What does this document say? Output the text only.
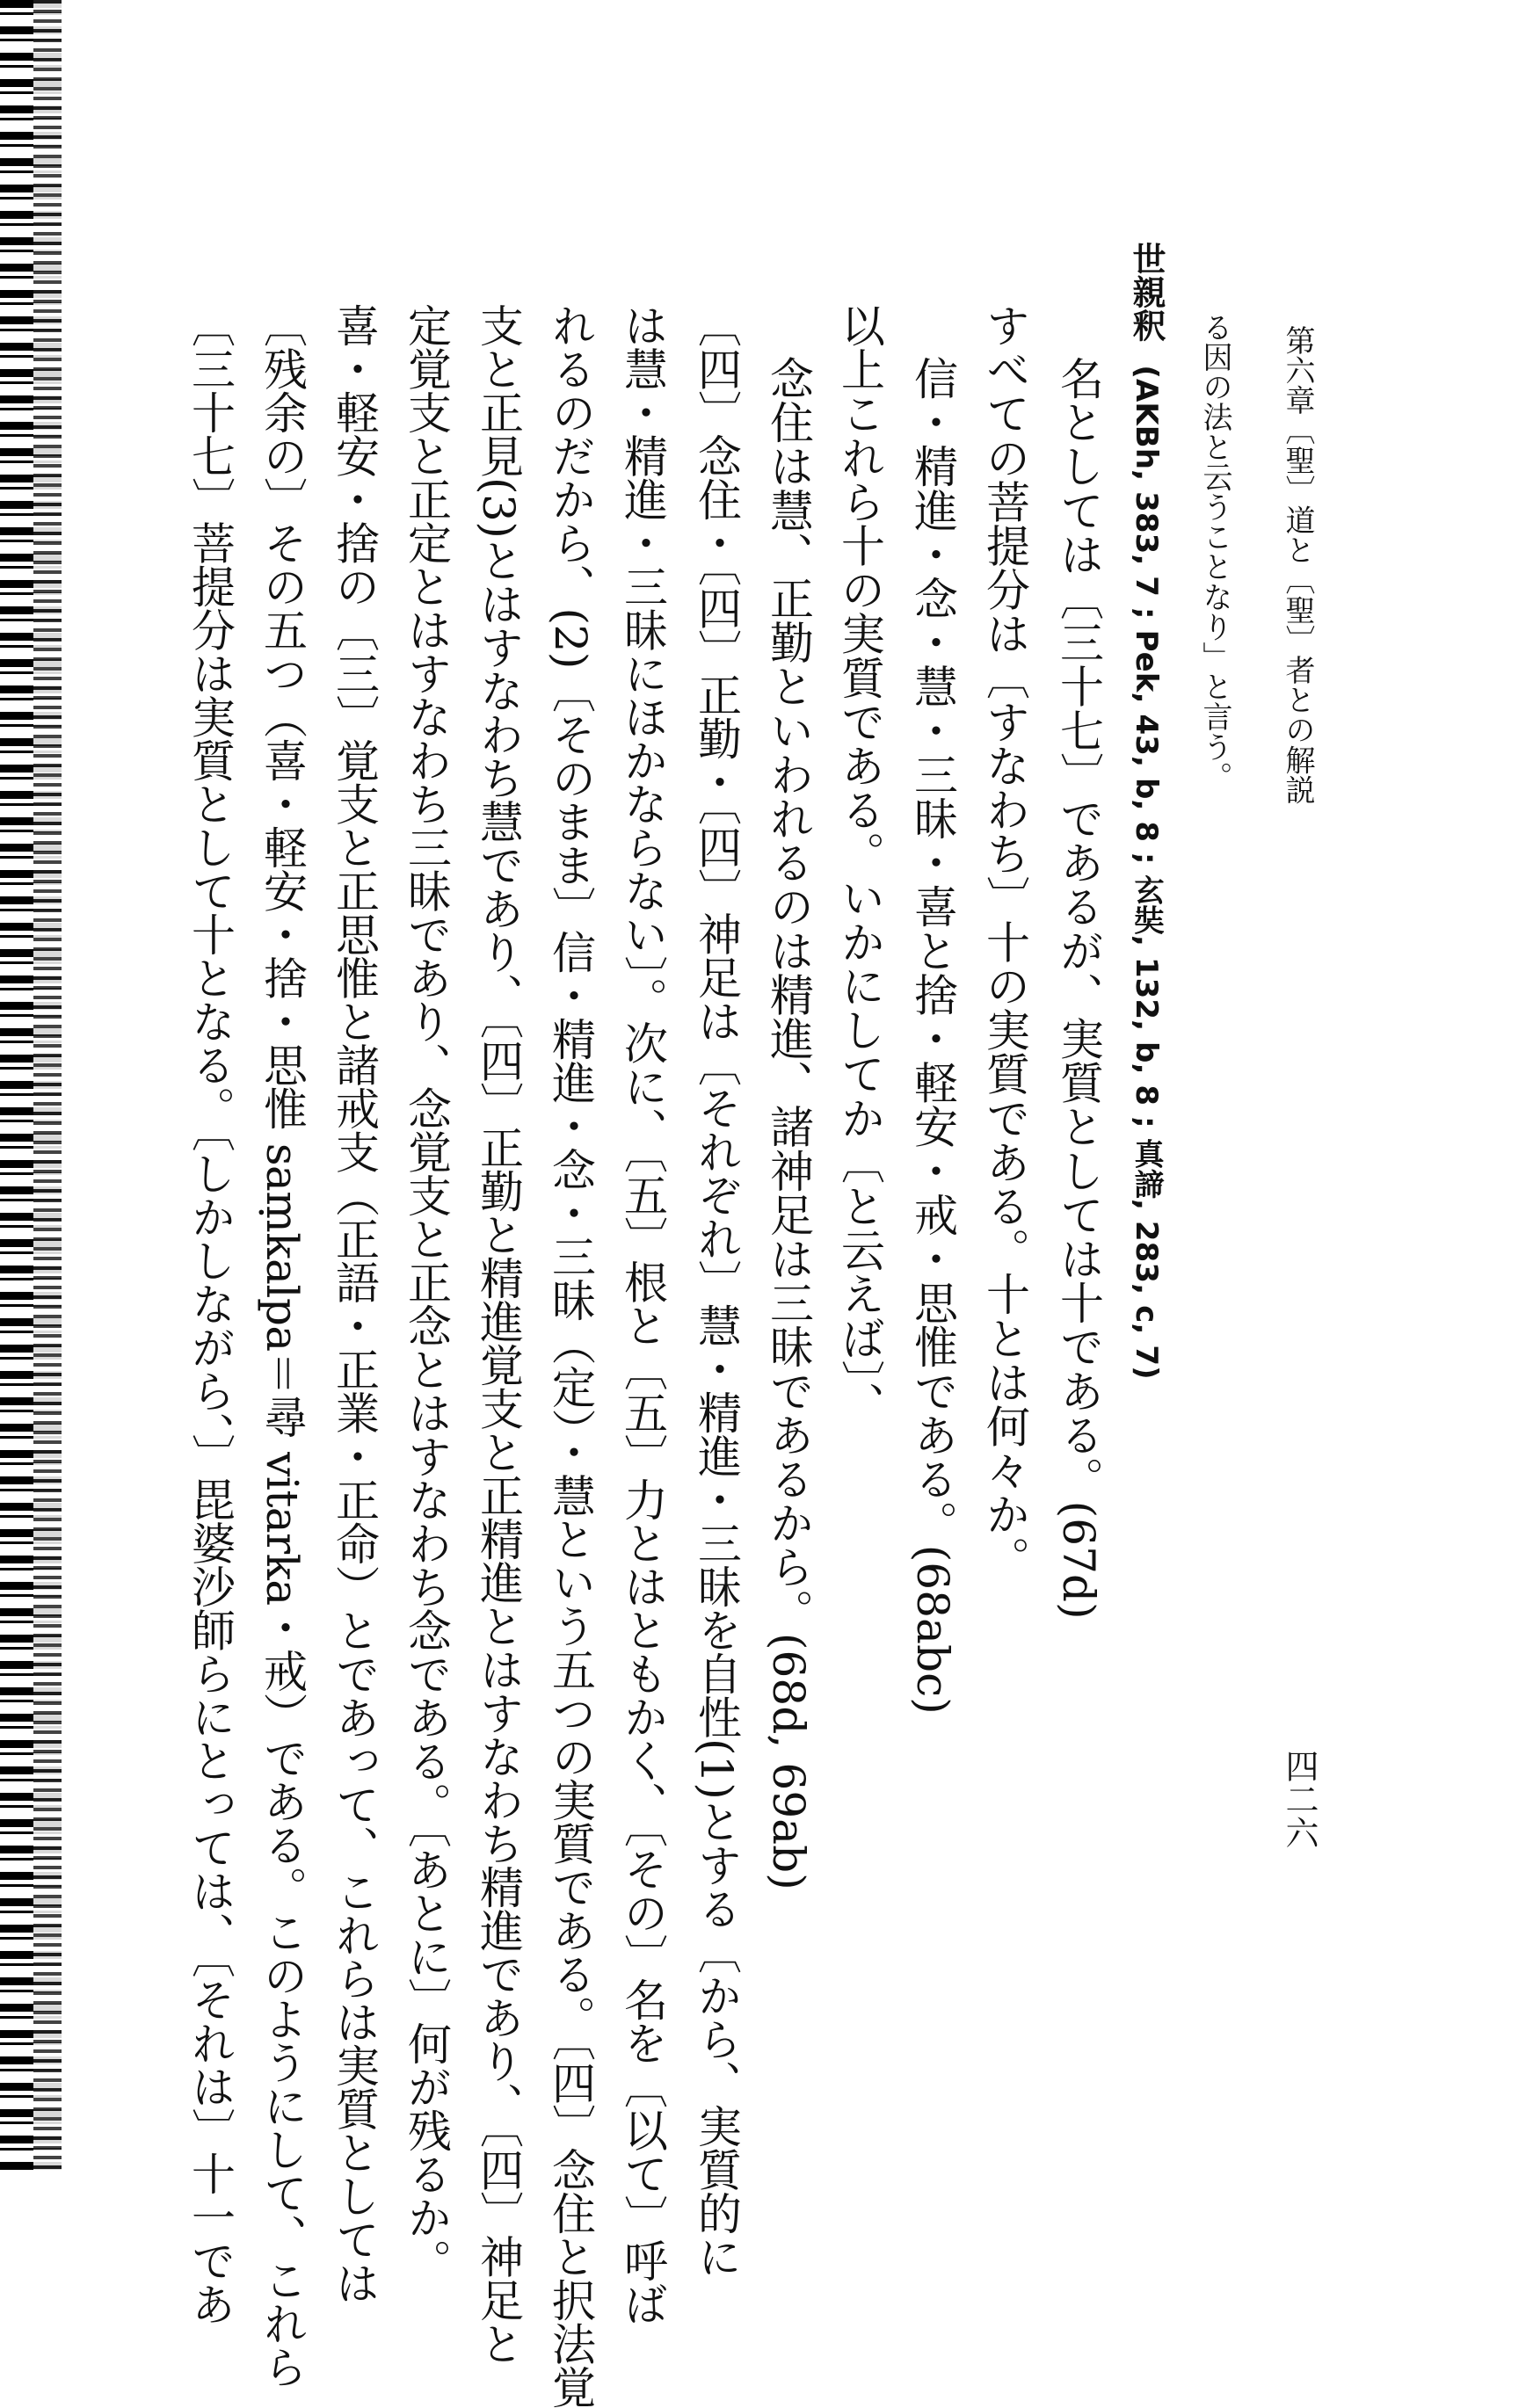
四二六
第六章〔聖〕道と〔聖〕者との解説
る因の法と云うことなり」と言う。
世親釈(AKBh, 383, 7 ; Pek, 43, b, 8 ; 玄奘, 132, b, 8 ; 真諦, 283, c, 7)
名としては〔三十七〕であるが、実質としては十である。(67d)
すべての菩提分は〔すなわち〕十の実質である。十とは何々か。
信・精進・念・慧・三昧・喜と捨・軽安・戒・思惟である。(68abc)
以上これら十の実質である。いかにしてか〔と云えば〕、
念住は慧、正勤といわれるのは精進、諸神足は三昧であるから。(68d, 69ab)
〔四〕念住・〔四〕正勤・〔四〕神足は〔それぞれ〕慧・精進・三昧を自性(1)とする〔から、実質的に
は慧・精進・三昧にほかならない〕。次に、〔五〕根と〔五〕力とはともかく、〔その〕名を〔以て〕呼ば
れるのだから、(2)〔そのまま〕信・精進・念・三昧（定）・慧という五つの実質である。〔四〕念住と択法覚
支と正見(3)とはすなわち慧であり、〔四〕正勤と精進覚支と正精進とはすなわち精進であり、〔四〕神足と
定覚支と正定とはすなわち三昧であり、念覚支と正念とはすなわち念である。〔あとに〕何が残るか。
喜・軽安・捨の〔三〕覚支と正思惟と諸戒支（正語・正業・正命）とであって、これらは実質としては
〔残余の〕その五つ（喜・軽安・捨・思惟 saṃkalpa＝尋 vitarka・戒）である。このようにして、これら
〔三十七〕菩提分は実質として十となる。〔しかしながら、〕毘婆沙師らにとっては、〔それは〕十一であ
